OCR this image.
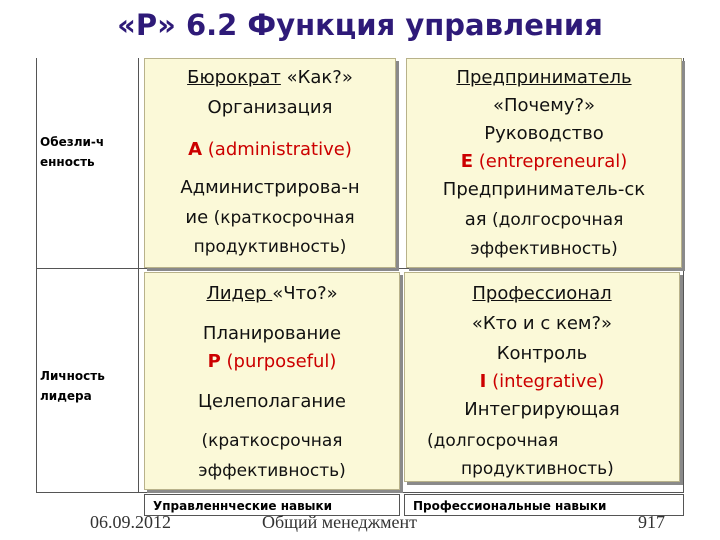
«P» 6.2 Функция управления
Обезли-ч
енность
Личность
лидера
Бюрократ «Как?»
Организация
A (administrative)
Администрирова-н
ие (краткосрочная
продуктивность)
Предприниматель
«Почему?»
Руководство
E (entrepreneural)
Предприниматель-ск
ая (долгосрочная
эффективность)
Лидер «Что?»
Планирование
P (purposeful)
Целеполагание
(краткосрочная
эффективность)
Профессионал
«Кто и с кем?»
Контроль
I (integrative)
Интегрирующая
(долгосрочная
продуктивность)
Управленнческие навыки	Профессиональные навыки
06.09.2012	Общий менеджмент	917
